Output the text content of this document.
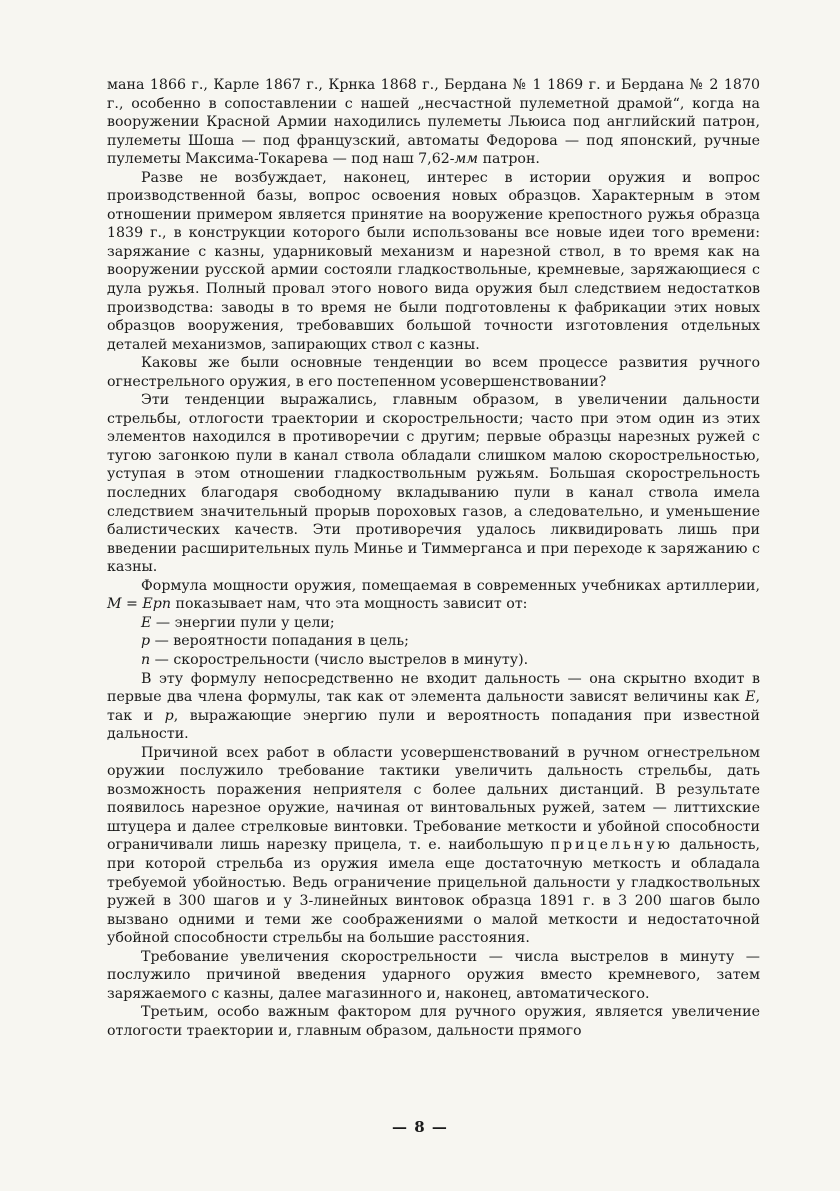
мана 1866 г., Карле 1867 г., Крнка 1868 г., Бердана № 1 1869 г. и Бердана № 2 1870 г., особенно в сопоставлении с нашей „несчастной пулеметной драмой“, когда на вооружении Красной Армии находились пулеметы Льюиса под английский патрон, пулеметы Шоша — под французский, автоматы Федорова — под японский, ручные пулеметы Максима-Токарева — под наш 7,62-мм патрон.

Разве не возбуждает, наконец, интерес в истории оружия и вопрос производственной базы, вопрос освоения новых образцов. Характерным в этом отношении примером является принятие на вооружение крепостного ружья образца 1839 г., в конструкции которого были использованы все новые идеи того времени: заряжание с казны, ударниковый механизм и нарезной ствол, в то время как на вооружении русской армии состояли гладкоствольные, кремневые, заряжающиеся с дула ружья. Полный провал этого нового вида оружия был следствием недостатков производства: заводы в то время не были подготовлены к фабрикации этих новых образцов вооружения, требовавших большой точности изготовления отдельных деталей механизмов, запирающих ствол с казны.

Каковы же были основные тенденции во всем процессе развития ручного огнестрельного оружия, в его постепенном усовершенствовании?

Эти тенденции выражались, главным образом, в увеличении дальности стрельбы, отлогости траектории и скорострельности; часто при этом один из этих элементов находился в противоречии с другим; первые образцы нарезных ружей с тугою загонкою пули в канал ствола обладали слишком малою скорострельностью, уступая в этом отношении гладкоствольным ружьям. Большая скорострельность последних благодаря свободному вкладыванию пули в канал ствола имела следствием значительный прорыв пороховых газов, а следовательно, и уменьшение балистических качеств. Эти противоречия удалось ликвидировать лишь при введении расширительных пуль Минье и Тиммерганса и при переходе к заряжанию с казны.

Формула мощности оружия, помещаемая в современных учебниках артиллерии, M = Epn показывает нам, что эта мощность зависит от:

E — энергии пули у цели;

p — вероятности попадания в цель;

n — скорострельности (число выстрелов в минуту).

В эту формулу непосредственно не входит дальность — она скрытно входит в первые два члена формулы, так как от элемента дальности зависят величины как E, так и p, выражающие энергию пули и вероятность попадания при известной дальности.

Причиной всех работ в области усовершенствований в ручном огнестрельном оружии послужило требование тактики увеличить дальность стрельбы, дать возможность поражения неприятеля с более дальних дистанций. В результате появилось нарезное оружие, начиная от винтовальных ружей, затем — литтихские штуцера и далее стрелковые винтовки. Требование меткости и убойной способности ограничивали лишь нарезку прицела, т. е. наибольшую прицельную дальность, при которой стрельба из оружия имела еще достаточную меткость и обладала требуемой убойностью. Ведь ограничение прицельной дальности у гладкоствольных ружей в 300 шагов и у 3-линейных винтовок образца 1891 г. в 3 200 шагов было вызвано одними и теми же соображениями о малой меткости и недостаточной убойной способности стрельбы на большие расстояния.

Требование увеличения скорострельности — числа выстрелов в минуту — послужило причиной введения ударного оружия вместо кремневого, затем заряжаемого с казны, далее магазинного и, наконец, автоматического.

Третьим, особо важным фактором для ручного оружия, является увеличение отлогости траектории и, главным образом, дальности прямого

— 8 —
